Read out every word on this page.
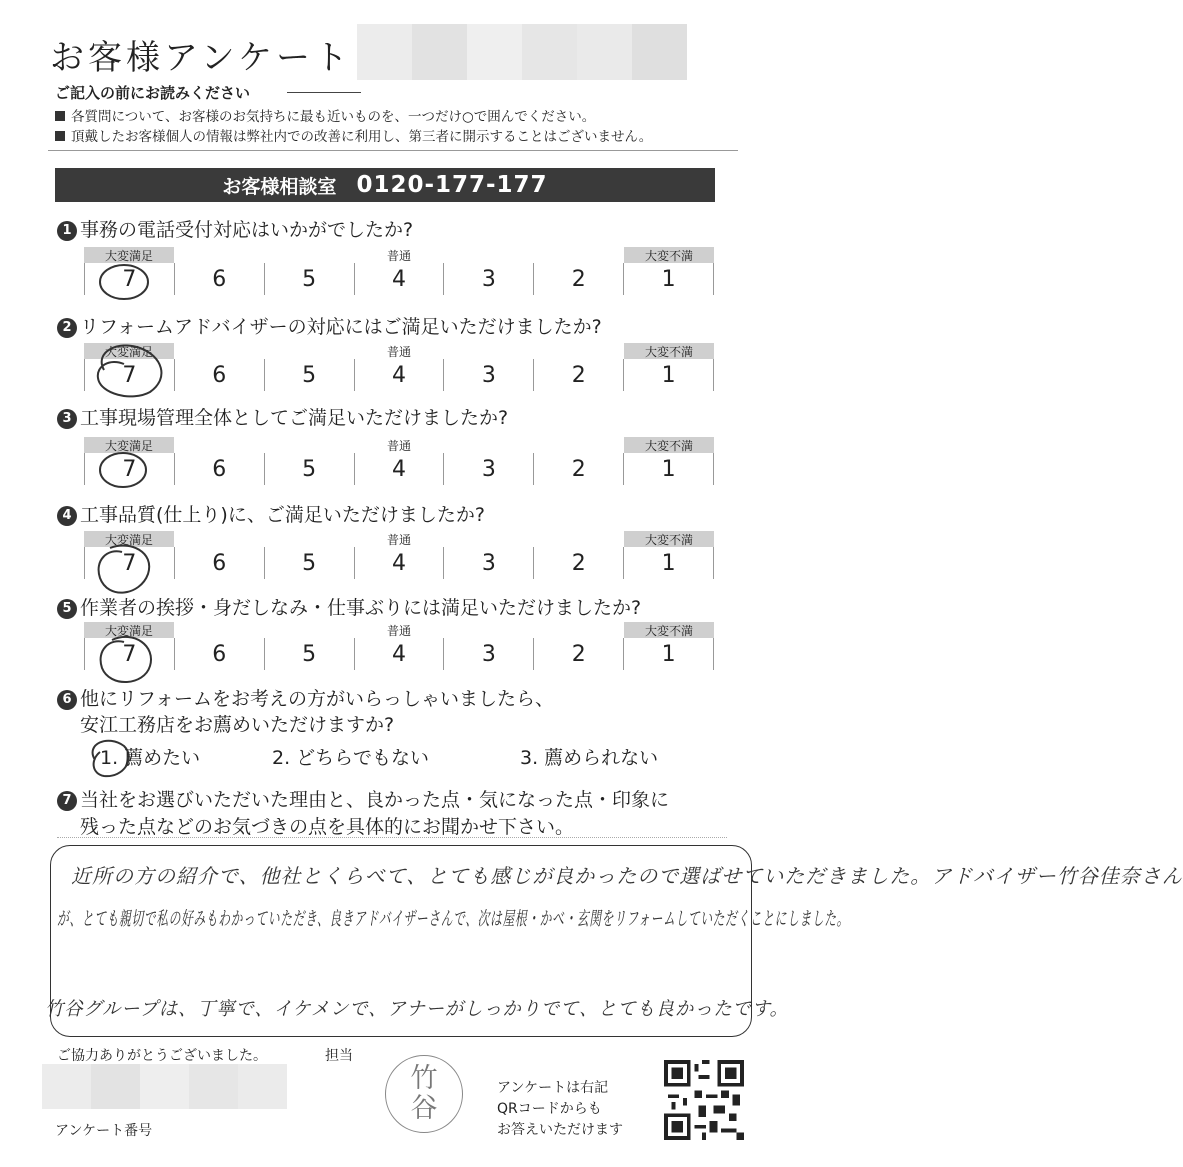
お客様アンケート
ご記入の前にお読みください
各質問について、お客様のお気持ちに最も近いものを、一つだけ○で囲んでください。
頂戴したお客様個人の情報は弊社内での改善に利用し、第三者に開示することはございません。
お客様相談室 0120-177-177
1 事務の電話受付対応はいかがでしたか?
大変満足	普通	大変不満
7	6	5	4	3	2	1
2 リフォームアドバイザーの対応にはご満足いただけましたか?
大変満足	普通	大変不満
7	6	5	4	3	2	1
3 工事現場管理全体としてご満足いただけましたか?
大変満足	普通	大変不満
7	6	5	4	3	2	1
4 工事品質(仕上り)に、ご満足いただけましたか?
大変満足	普通	大変不満
7	6	5	4	3	2	1
5 作業者の挨拶・身だしなみ・仕事ぶりには満足いただけましたか?
大変満足	普通	大変不満
7	6	5	4	3	2	1
6 他にリフォームをお考えの方がいらっしゃいましたら、
安江工務店をお薦めいただけますか?
1. 薦めたい	2. どちらでもない	3. 薦められない
7 当社をお選びいただいた理由と、良かった点・気になった点・印象に
残った点などのお気づきの点を具体的にお聞かせ下さい。
近所の方の紹介で、他社とくらべて、とても感じが良かったので選ばせていただきました。アドバイザー竹谷佳奈さん
が、とても親切で私の好みもわかっていただき、良きアドバイザーさんで、次は屋根・かべ・玄関をリフォームしていただくことにしました。
竹谷グループは、丁寧で、イケメンで、アナーがしっかりでて、とても良かったです。
ご協力ありがとうございました。	担当
アンケート番号
竹
谷
アンケートは右記
QRコードからも
お答えいただけます
